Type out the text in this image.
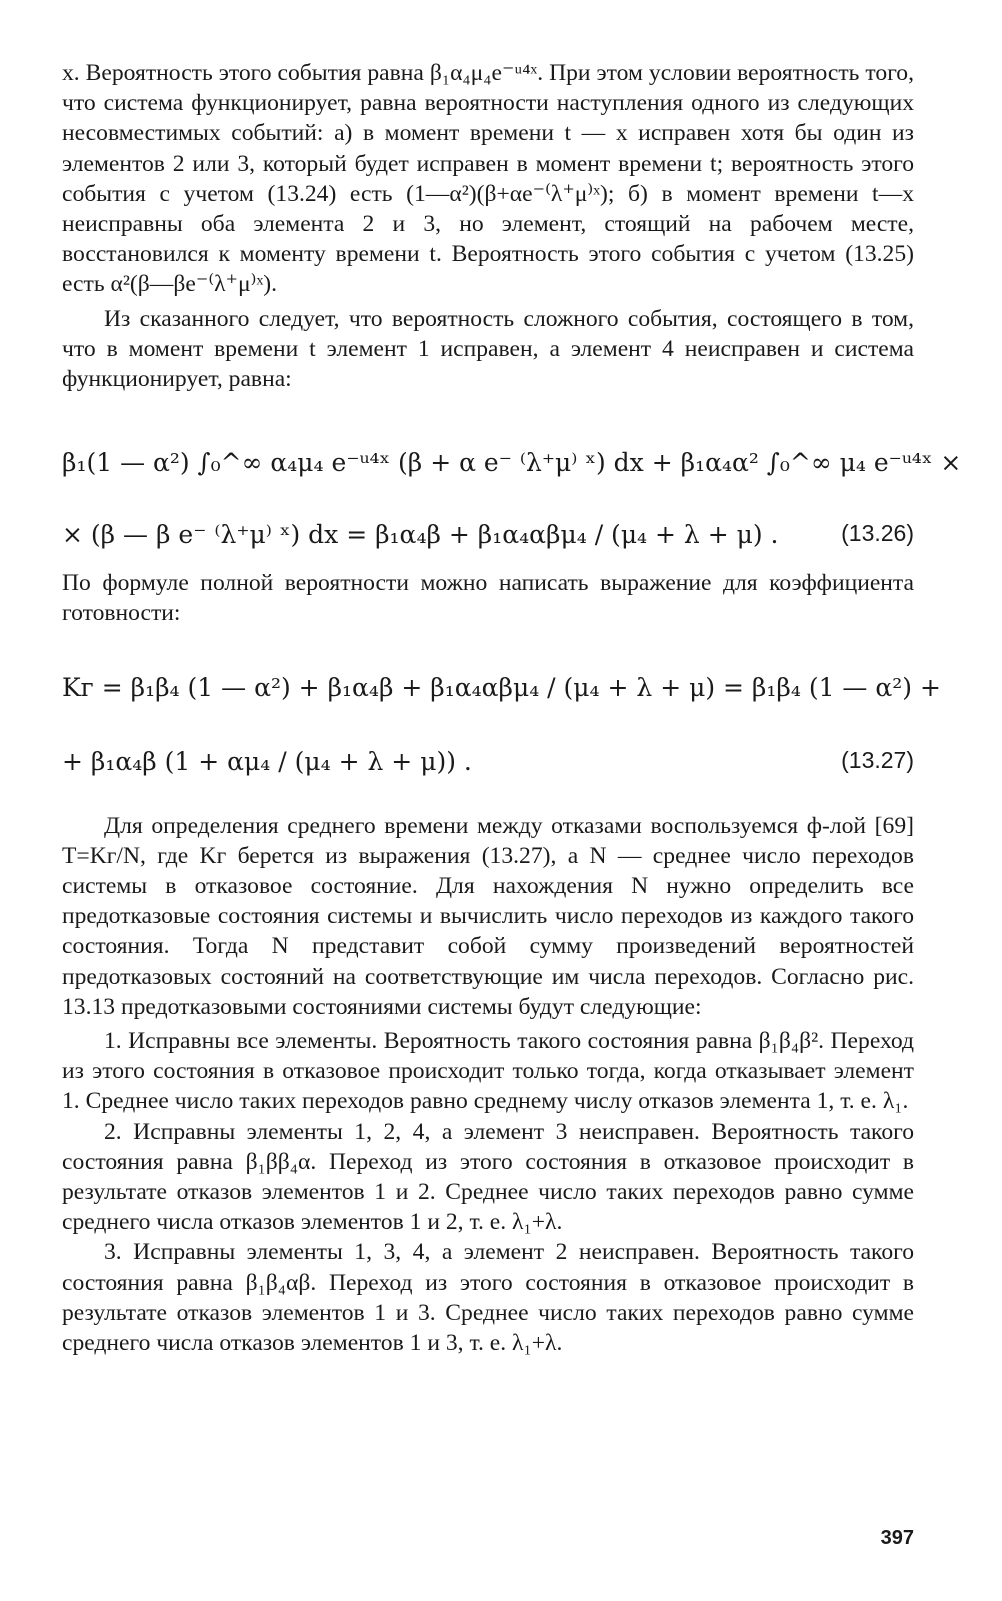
x. Вероятность этого события равна β₁α₄μ₄e⁻ᵘ⁴ˣ. При этом условии вероятность того, что система функционирует, равна вероятности наступления одного из следующих несовместимых событий: а) в момент времени t — x исправен хотя бы один из элементов 2 или 3, который будет исправен в момент времени t; вероятность этого события с учетом (13.24) есть (1—α²)(β+αe⁻⁽λ⁺μ⁾ˣ); б) в момент времени t—x неисправны оба элемента 2 и 3, но элемент, стоящий на рабочем месте, восстановился к моменту времени t. Вероятность этого события с учетом (13.25) есть α²(β—βe⁻⁽λ⁺μ⁾ˣ).

Из сказанного следует, что вероятность сложного события, состоящего в том, что в момент времени t элемент 1 исправен, а элемент 4 неисправен и система функционирует, равна:

β₁(1 — α²) ∫₀^∞ α₄μ₄ e⁻ᵘ⁴ˣ (β + α e⁻ ⁽λ⁺μ⁾ ˣ) dx + β₁α₄α² ∫₀^∞ μ₄ e⁻ᵘ⁴ˣ ×
× (β — β e⁻ ⁽λ⁺μ⁾ ˣ) dx = β₁α₄β + β₁α₄αβμ₄ / (μ₄ + λ + μ) .	(13.26)

По формуле полной вероятности можно написать выражение для коэффициента готовности:

Kг = β₁β₄ (1 — α²) + β₁α₄β + β₁α₄αβμ₄ / (μ₄ + λ + μ) = β₁β₄ (1 — α²) +
+ β₁α₄β (1 + αμ₄ / (μ₄ + λ + μ)) .	(13.27)

Для определения среднего времени между отказами воспользуемся ф-лой [69] T=Kг/N, где Kг берется из выражения (13.27), а N — среднее число переходов системы в отказовое состояние. Для нахождения N нужно определить все предотказовые состояния системы и вычислить число переходов из каждого такого состояния. Тогда N представит собой сумму произведений вероятностей предотказовых состояний на соответствующие им числа переходов. Согласно рис. 13.13 предотказовыми состояниями системы будут следующие:

1. Исправны все элементы. Вероятность такого состояния равна β₁β₄β². Переход из этого состояния в отказовое происходит только тогда, когда отказывает элемент 1. Среднее число таких переходов равно среднему числу отказов элемента 1, т. е. λ₁.

2. Исправны элементы 1, 2, 4, а элемент 3 неисправен. Вероятность такого состояния равна β₁ββ₄α. Переход из этого состояния в отказовое происходит в результате отказов элементов 1 и 2. Среднее число таких переходов равно сумме среднего числа отказов элементов 1 и 2, т. е. λ₁+λ.

3. Исправны элементы 1, 3, 4, а элемент 2 неисправен. Вероятность такого состояния равна β₁β₄αβ. Переход из этого состояния в отказовое происходит в результате отказов элементов 1 и 3. Среднее число таких переходов равно сумме среднего числа отказов элементов 1 и 3, т. е. λ₁+λ.

397
